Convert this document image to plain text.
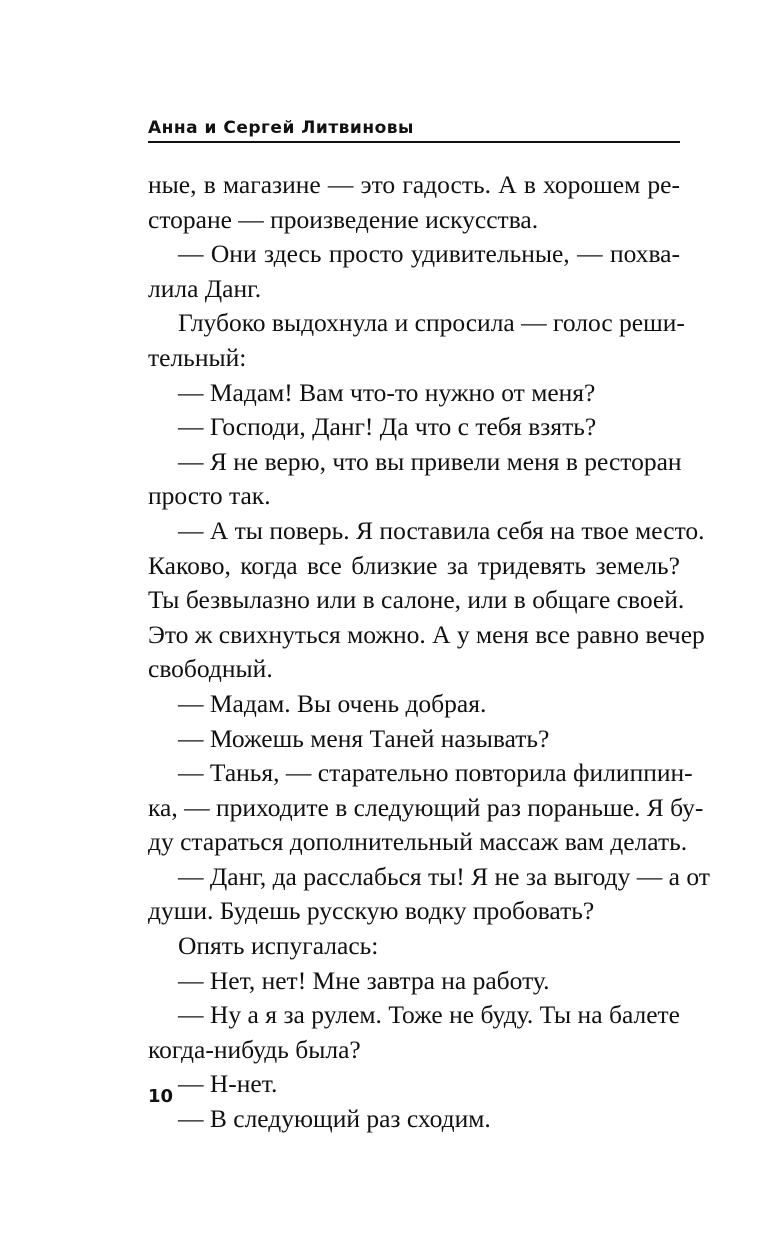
Анна и Сергей Литвиновы
ные, в магазине — это гадость. А в хорошем ре-
сторане — произведение искусства.
— Они здесь просто удивительные, — похва-
лила Данг.
Глубоко выдохнула и спросила — голос реши-
тельный:
— Мадам! Вам что-то нужно от меня?
— Господи, Данг! Да что с тебя взять?
— Я не верю, что вы привели меня в ресторан
просто так.
— А ты поверь. Я поставила себя на твое место.
Каково, когда все близкие за тридевять земель?
Ты безвылазно или в салоне, или в общаге своей.
Это ж свихнуться можно. А у меня все равно вечер
свободный.
— Мадам. Вы очень добрая.
— Можешь меня Таней называть?
— Танья, — старательно повторила филиппин-
ка, — приходите в следующий раз пораньше. Я бу-
ду стараться дополнительный массаж вам делать.
— Данг, да расслабься ты! Я не за выгоду — а от
души. Будешь русскую водку пробовать?
Опять испугалась:
— Нет, нет! Мне завтра на работу.
— Ну а я за рулем. Тоже не буду. Ты на балете
когда-нибудь была?
— Н-нет.
— В следующий раз сходим.
10
